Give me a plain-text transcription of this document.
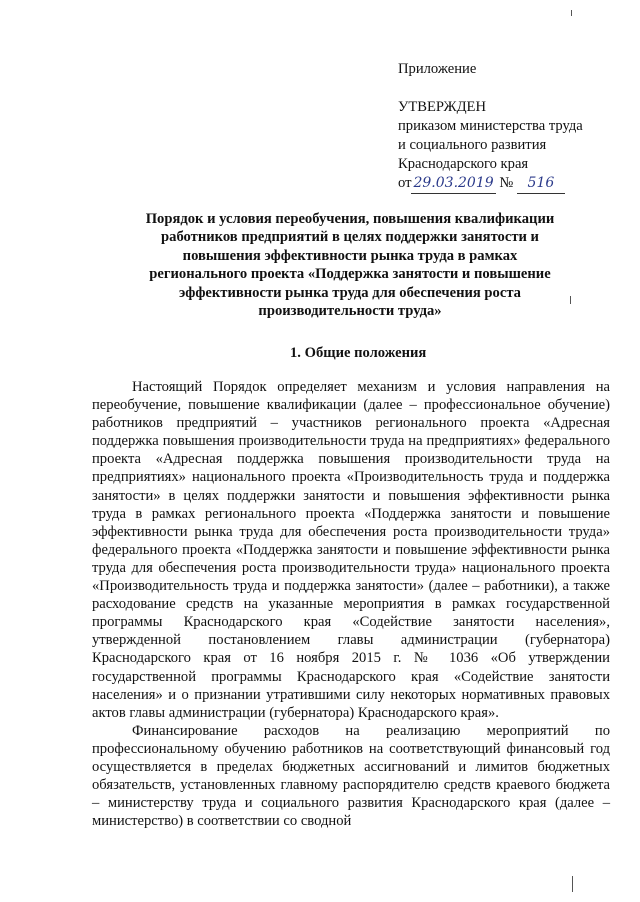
Приложение
УТВЕРЖДЕН
приказом министерства труда
и социального развития
Краснодарского края
от 29.03.2019 № 516
Порядок и условия переобучения, повышения квалификации работников предприятий в целях поддержки занятости и повышения эффективности рынка труда в рамках регионального проекта «Поддержка занятости и повышение эффективности рынка труда для обеспечения роста производительности труда»
1. Общие положения

Настоящий Порядок определяет механизм и условия направления на переобучение, повышение квалификации (далее – профессиональное обучение) работников предприятий – участников регионального проекта «Адресная поддержка повышения производительности труда на предприятиях» федерального проекта «Адресная поддержка повышения производительности труда на предприятиях» национального проекта «Производительность труда и поддержка занятости» в целях поддержки занятости и повышения эффективности рынка труда в рамках регионального проекта «Поддержка занятости и повышение эффективности рынка труда для обеспечения роста производительности труда» федерального проекта «Поддержка занятости и повышение эффективности рынка труда для обеспечения роста производительности труда» национального проекта «Производительность труда и поддержка занятости» (далее – работники), а также расходование средств на указанные мероприятия в рамках государственной программы Краснодарского края «Содействие занятости населения», утвержденной постановлением главы администрации (губернатора) Краснодарского края от 16 ноября 2015 г. № 1036 «Об утверждении государственной программы Краснодарского края «Содействие занятости населения» и о признании утратившими силу некоторых нормативных правовых актов главы администрации (губернатора) Краснодарского края».

Финансирование расходов на реализацию мероприятий по профессиональному обучению работников на соответствующий финансовый год осуществляется в пределах бюджетных ассигнований и лимитов бюджетных обязательств, установленных главному распорядителю средств краевого бюджета – министерству труда и социального развития Краснодарского края (далее – министерство) в соответствии со сводной
